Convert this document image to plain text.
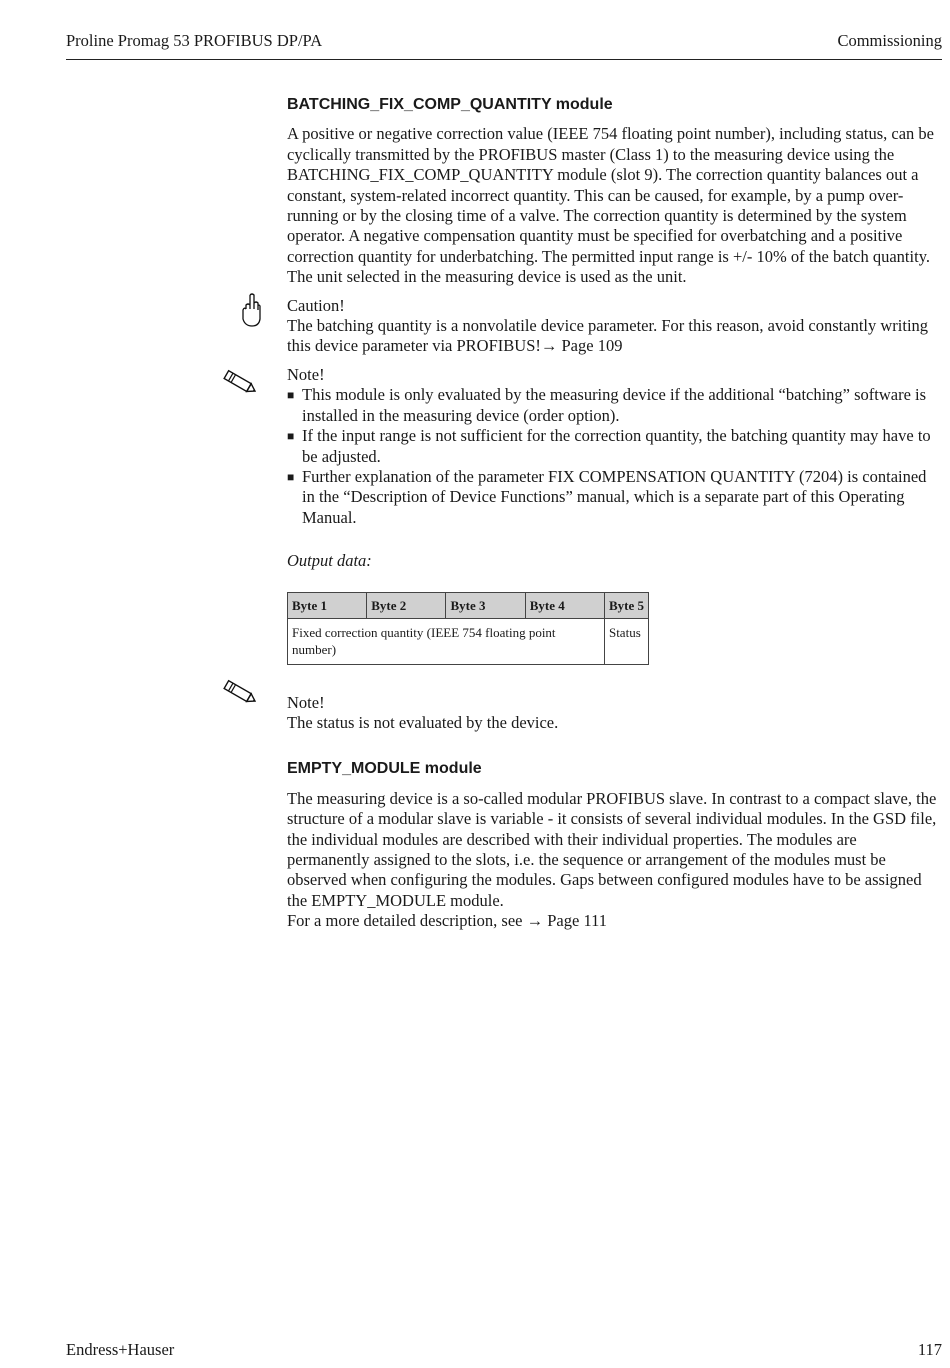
Proline Promag 53 PROFIBUS DP/PA	Commissioning
BATCHING_FIX_COMP_QUANTITY module

A positive or negative correction value (IEEE 754 floating point number), including status, can be cyclically transmitted by the PROFIBUS master (Class 1) to the measuring device using the BATCHING_FIX_COMP_QUANTITY module (slot 9). The correction quantity balances out a constant, system-related incorrect quantity. This can be caused, for example, by a pump over-running or by the closing time of a valve. The correction quantity is determined by the system operator. A negative compensation quantity must be specified for overbatching and a positive correction quantity for underbatching. The permitted input range is +/- 10% of the batch quantity. The unit selected in the measuring device is used as the unit.

Caution!

The batching quantity is a nonvolatile device parameter. For this reason, avoid constantly writing this device parameter via PROFIBUS!→ Page 109

Note!

■ This module is only evaluated by the measuring device if the additional “batching” software is installed in the measuring device (order option).
■ If the input range is not sufficient for the correction quantity, the batching quantity may have to be adjusted.
■ Further explanation of the parameter FIX COMPENSATION QUANTITY (7204) is contained in the “Description of Device Functions” manual, which is a separate part of this Operating Manual.

Output data:

Byte 1	Byte 2	Byte 3	Byte 4	Byte 5
Fixed correction quantity (IEEE 754 floating point number)				Status

Note!

The status is not evaluated by the device.

EMPTY_MODULE module

The measuring device is a so-called modular PROFIBUS slave. In contrast to a compact slave, the structure of a modular slave is variable - it consists of several individual modules. In the GSD file, the individual modules are described with their individual properties. The modules are permanently assigned to the slots, i.e. the sequence or arrangement of the modules must be observed when configuring the modules. Gaps between configured modules have to be assigned the EMPTY_MODULE module.

For a more detailed description, see → Page 111

Endress+Hauser	117
